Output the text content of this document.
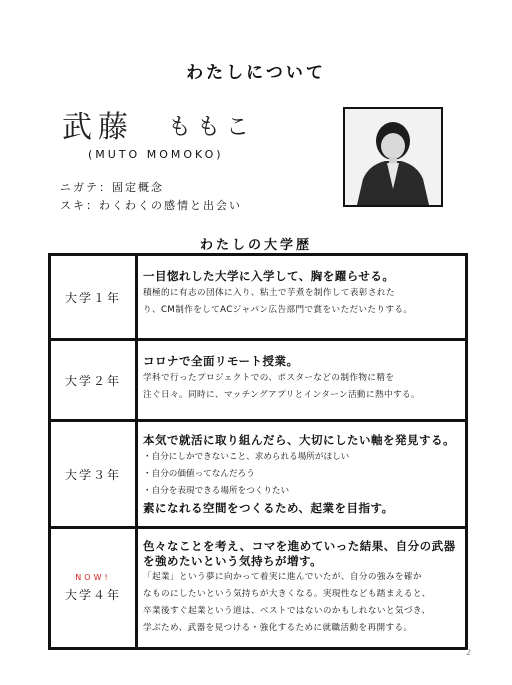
わたしについて
武藤 ももこ
(MUTO MOMOKO)
ニガテ：固定概念
スキ：わくわくの感情と出会い
わたしの大学歴
大学１年
一目惚れした大学に入学して、胸を躍らせる。
積極的に有志の団体に入り、粘土で芋煮を制作して表彰された
り、CM制作をしてACジャパン広告部門で賞をいただいたりする。
大学２年
コロナで全面リモート授業。
学科で行ったプロジェクトでの、ポスターなどの制作物に精を
注ぐ日々。同時に、マッチングアプリとインターン活動に熱中する。
大学３年
本気で就活に取り組んだら、大切にしたい軸を発見する。
・自分にしかできないこと、求められる場所がほしい
・自分の価値ってなんだろう
・自分を表現できる場所をつくりたい
素になれる空間をつくるため、起業を目指す。
NOW!
大学４年
色々なことを考え、コマを進めていった結果、自分の武器
を強めたいという気持ちが増す。
「起業」という夢に向かって着実に進んでいたが、自分の強みを確か
なものにしたいという気持ちが大きくなる。実現性なども踏まえると、
卒業後すぐ起業という道は、ベストではないのかもしれないと気づき、
学ぶため、武器を見つける・強化するために就職活動を再開する。
2
